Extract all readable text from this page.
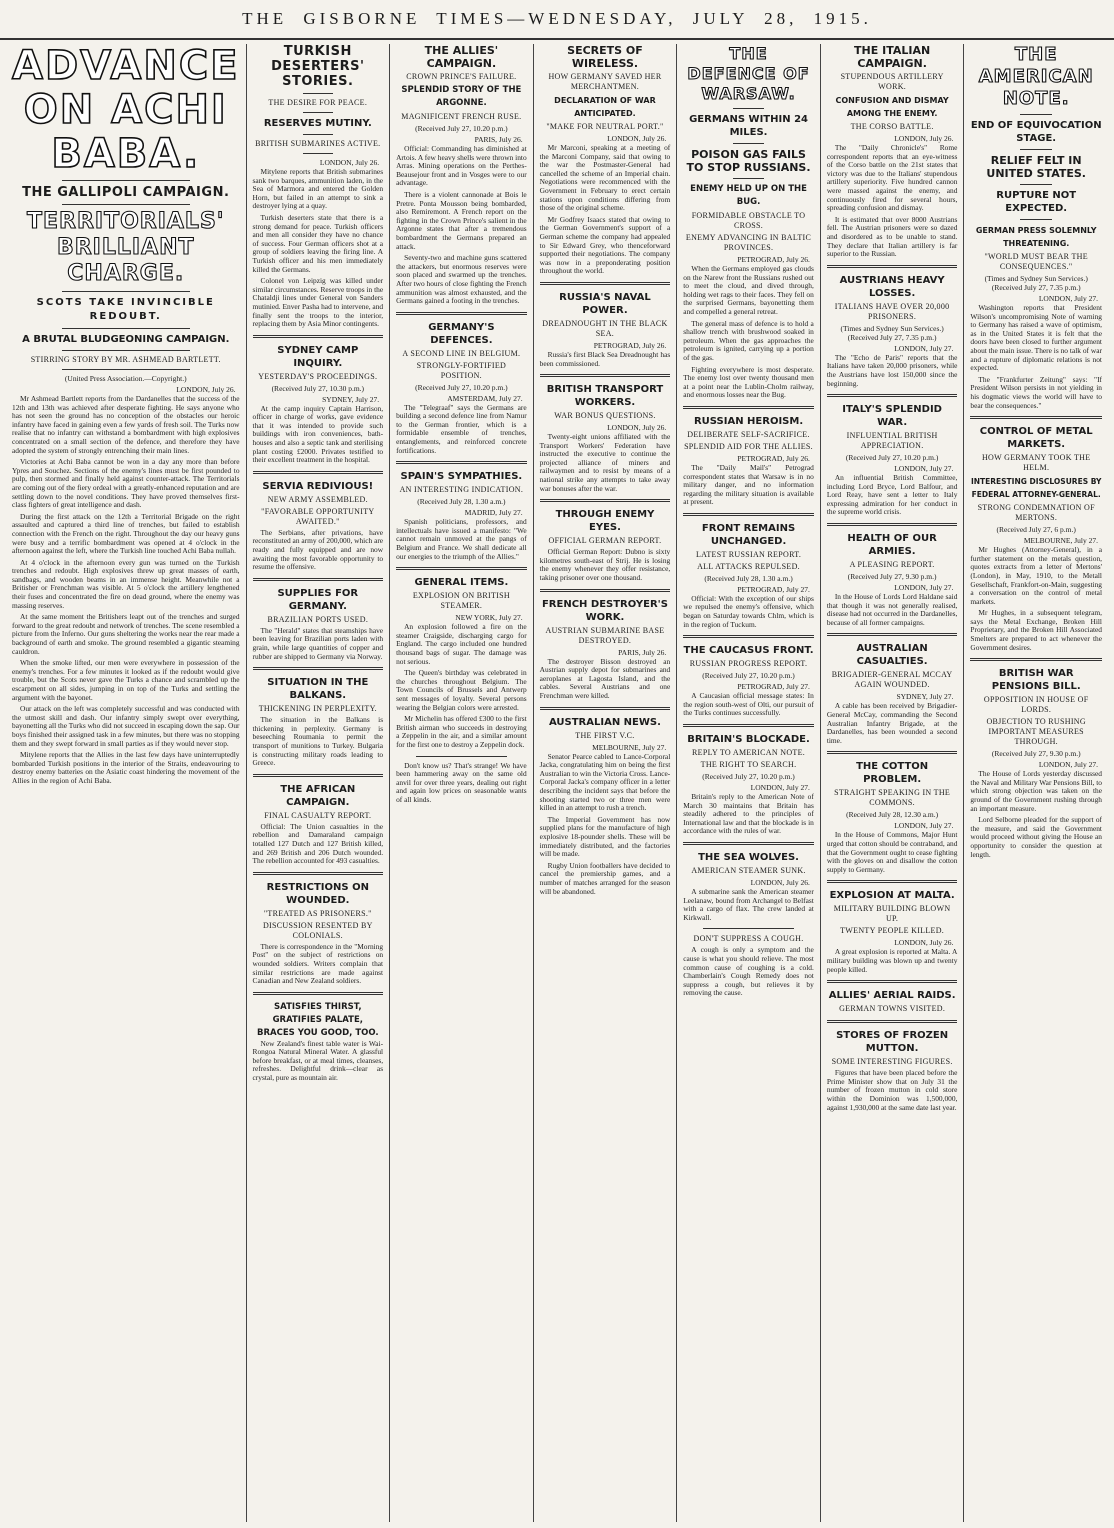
THE GISBORNE TIMES—WEDNESDAY, JULY 28, 1915.
ADVANCE ON ACHI BABA.
THE GALLIPOLI CAMPAIGN.
TERRITORIALS' BRILLIANT CHARGE.
SCOTS TAKE INVINCIBLE REDOUBT.
A BRUTAL BLUDGEONING CAMPAIGN.
STIRRING STORY BY MR. ASHMEAD BARTLETT.
(United Press Association.—Copyright.)
LONDON, July 26.

Mr Ashmead Bartlett reports from the Dardanelles that the success of the 12th and 13th was achieved after desperate fighting. He says anyone who has not seen the ground has no conception of the obstacles our heroic infantry have faced in gaining even a few yards of fresh soil. The Turks now realise that no infantry can withstand a bombardment with high explosives concentrated on a small section of the defence, and therefore they have adopted the system of strongly entrenching their main lines.

Victories at Achi Baba cannot be won in a day any more than before Ypres and Souchez. Sections of the enemy's lines must be first pounded to pulp, then stormed and finally held against counter-attack. The Territorials are coming out of the fiery ordeal with a greatly-enhanced reputation and are settling down to the novel conditions. They have proved themselves first-class fighters of great intelligence and dash.

During the first attack on the 12th a Territorial Brigade on the right assaulted and captured a third line of trenches, but failed to establish connection with the French on the right. Throughout the day our heavy guns were busy and a terrific bombardment was opened at 4 o'clock in the afternoon against the left, where the Turkish line touched Achi Baba nullah.

At 4 o'clock in the afternoon every gun was turned on the Turkish trenches and redoubt. High explosives threw up great masses of earth, sandbags, and wooden beams in an immense height. Meanwhile not a Britisher or Frenchman was visible. At 5 o'clock the artillery lengthened their fuses and concentrated the fire on dead ground, where the enemy was massing reserves.

At the same moment the Britishers leapt out of the trenches and surged forward to the great redoubt and network of trenches. The scene resembled a picture from the Inferno. Our guns sheltering the works near the rear made a background of earth and smoke. The ground resembled a gigantic steaming cauldron.

When the smoke lifted, our men were everywhere in possession of the enemy's trenches. For a few minutes it looked as if the redoubt would give trouble, but the Scots never gave the Turks a chance and scrambled up the escarpment on all sides, jumping in on top of the Turks and settling the argument with the bayonet.

Our attack on the left was completely successful and was conducted with the utmost skill and dash. Our infantry simply swept over everything, bayonetting all the Turks who did not succeed in escaping down the sap. Our boys finished their assigned task in a few minutes, but there was no stopping them and they swept forward in small parties as if they would never stop.

Mitylene reports that the Allies in the last few days have uninterruptedly bombarded Turkish positions in the interior of the Straits, endeavouring to destroy enemy batteries on the Asiatic coast hindering the movement of the Allies in the region of Achi Baba.

TURKISH DESERTERS' STORIES.
THE DESIRE FOR PEACE.
RESERVES MUTINY.
BRITISH SUBMARINES ACTIVE.
LONDON, July 26.

Mitylene reports that British submarines sank two barques, ammunition laden, in the Sea of Marmora and entered the Golden Horn, but failed in an attempt to sink a destroyer lying at a quay.

Turkish deserters state that there is a strong demand for peace. Turkish officers and men all consider they have no chance of success. Four German officers shot at a group of soldiers leaving the firing line. A Turkish officer and his men immediately killed the Germans.

Colonel von Leipzig was killed under similar circumstances. Reserve troops in the Chataldji lines under General von Sanders mutinied. Enver Pasha had to intervene, and finally sent the troops to the interior, replacing them by Asia Minor contingents.

SYDNEY CAMP INQUIRY.
YESTERDAY'S PROCEEDINGS.
(Received July 27, 10.30 p.m.)
SYDNEY, July 27.

At the camp inquiry Captain Harrison, officer in charge of works, gave evidence that it was intended to provide such buildings with iron conveniences, bath-houses and also a septic tank and sterilising plant costing £2000. Privates testified to their excellent treatment in the hospital.

SERVIA REDIVIOUS!
NEW ARMY ASSEMBLED.
"FAVORABLE OPPORTUNITY AWAITED."

The Serbians, after privations, have reconstituted an army of 200,000, which are ready and fully equipped and are now awaiting the most favorable opportunity to resume the offensive.

SUPPLIES FOR GERMANY.
BRAZILIAN PORTS USED.

The "Herald" states that steamships have been leaving for Brazilian ports laden with grain, while large quantities of copper and rubber are shipped to Germany via Norway.

SITUATION IN THE BALKANS.
THICKENING IN PERPLEXITY.

The situation in the Balkans is thickening in perplexity. Germany is beseeching Roumania to permit the transport of munitions to Turkey. Bulgaria is constructing military roads leading to Greece.

THE AFRICAN CAMPAIGN.
FINAL CASUALTY REPORT.

Official: The Union casualties in the rebellion and Damaraland campaign totalled 127 Dutch and 127 British killed, and 269 British and 206 Dutch wounded. The rebellion accounted for 493 casualties.

RESTRICTIONS ON WOUNDED.
"TREATED AS PRISONERS."
DISCUSSION RESENTED BY COLONIALS.

There is correspondence in the "Morning Post" on the subject of restrictions on wounded soldiers. Writers complain that similar restrictions are made against Canadian and New Zealand soldiers.

SATISFIES THIRST, GRATIFIES PALATE, BRACES YOU GOOD, TOO.

New Zealand's finest table water is Wai-Rongoa Natural Mineral Water. A glassful before breakfast, or at meal times, cleanses, refreshes. Delightful drink—clear as crystal, pure as mountain air.

THE ALLIES' CAMPAIGN.
CROWN PRINCE'S FAILURE.
SPLENDID STORY OF THE ARGONNE.
MAGNIFICENT FRENCH RUSE.
(Received July 27, 10.20 p.m.)
PARIS, July 26.

Official: Commanding has diminished at Artois. A few heavy shells were thrown into Arras. Mining operations on the Perthes-Beausejour front and in Vosges were to our advantage.

There is a violent cannonade at Bois le Pretre. Ponta Mousson being bombarded, also Remiremont. A French report on the fighting in the Crown Prince's salient in the Argonne states that after a tremendous bombardment the Germans prepared an attack.

Seventy-two and machine guns scattered the attackers, but enormous reserves were soon placed and swarmed up the trenches. After two hours of close fighting the French ammunition was almost exhausted, and the Germans gained a footing in the trenches.

GERMANY'S DEFENCES.
A SECOND LINE IN BELGIUM.
STRONGLY-FORTIFIED POSITION.
(Received July 27, 10.20 p.m.)
AMSTERDAM, July 27.

The "Telegraaf" says the Germans are building a second defence line from Namur to the German frontier, which is a formidable ensemble of trenches, entanglements, and reinforced concrete fortifications.

SPAIN'S SYMPATHIES.
AN INTERESTING INDICATION.
(Received July 28, 1.30 a.m.)
MADRID, July 27.

Spanish politicians, professors, and intellectuals have issued a manifesto: "We cannot remain unmoved at the pangs of Belgium and France. We shall dedicate all our energies to the triumph of the Allies."

GENERAL ITEMS.
EXPLOSION ON BRITISH STEAMER.
NEW YORK, July 27.

An explosion followed a fire on the steamer Craigside, discharging cargo for England. The cargo included one hundred thousand bags of sugar. The damage was not serious.

The Queen's birthday was celebrated in the churches throughout Belgium. The Town Councils of Brussels and Antwerp sent messages of loyalty. Several persons wearing the Belgian colors were arrested.

Mr Michelin has offered £300 to the first British airman who succeeds in destroying a Zeppelin in the air, and a similar amount for the first one to destroy a Zeppelin dock.

Don't know us? That's strange! We have been hammering away on the same old anvil for over three years, dealing out right and again low prices on seasonable wants of all kinds.

SECRETS OF WIRELESS.
HOW GERMANY SAVED HER MERCHANTMEN.
DECLARATION OF WAR ANTICIPATED.
"MAKE FOR NEUTRAL PORT."
LONDON, July 26.

Mr Marconi, speaking at a meeting of the Marconi Company, said that owing to the war the Postmaster-General had cancelled the scheme of an Imperial chain. Negotiations were recommenced with the Government in February to erect certain stations upon conditions differing from those of the original scheme.

Mr Godfrey Isaacs stated that owing to the German Government's support of a German scheme the company had appealed to Sir Edward Grey, who thenceforward supported their negotiations. The company was now in a preponderating position throughout the world.

RUSSIA'S NAVAL POWER.
DREADNOUGHT IN THE BLACK SEA.
PETROGRAD, July 26.

Russia's first Black Sea Dreadnought has been commissioned.

BRITISH TRANSPORT WORKERS.
WAR BONUS QUESTIONS.
LONDON, July 26.

Twenty-eight unions affiliated with the Transport Workers' Federation have instructed the executive to continue the projected alliance of miners and railwaymen and to resist by means of a national strike any attempts to take away war bonuses after the war.

THROUGH ENEMY EYES.
OFFICIAL GERMAN REPORT.

Official German Report: Dubno is sixty kilometres south-east of Strij. He is losing the enemy whenever they offer resistance, taking prisoner over one thousand.

FRENCH DESTROYER'S WORK.
AUSTRIAN SUBMARINE BASE DESTROYED.
PARIS, July 26.

The destroyer Bisson destroyed an Austrian supply depot for submarines and aeroplanes at Lagosta Island, and the cables. Several Austrians and one Frenchman were killed.

AUSTRALIAN NEWS.
THE FIRST V.C.
MELBOURNE, July 27.

Senator Pearce cabled to Lance-Corporal Jacka, congratulating him on being the first Australian to win the Victoria Cross. Lance-Corporal Jacka's company officer in a letter describing the incident says that before the shooting started two or three men were killed in an attempt to rush a trench.

The Imperial Government has now supplied plans for the manufacture of high explosive 18-pounder shells. These will be immediately distributed, and the factories will be made.

Rugby Union footballers have decided to cancel the premiership games, and a number of matches arranged for the season will be abandoned.

THE DEFENCE OF WARSAW.
GERMANS WITHIN 24 MILES.
POISON GAS FAILS TO STOP RUSSIANS.
ENEMY HELD UP ON THE BUG.
FORMIDABLE OBSTACLE TO CROSS.
ENEMY ADVANCING IN BALTIC PROVINCES.
PETROGRAD, July 26.

When the Germans employed gas clouds on the Narew front the Russians rushed out to meet the cloud, and dived through, holding wet rags to their faces. They fell on the surprised Germans, bayonetting them and compelled a general retreat.

The general mass of defence is to hold a shallow trench with brushwood soaked in petroleum. When the gas approaches the petroleum is ignited, carrying up a portion of the gas.

Fighting everywhere is most desperate. The enemy lost over twenty thousand men at a point near the Lublin-Cholm railway, and enormous losses near the Bug.

RUSSIAN HEROISM.
DELIBERATE SELF-SACRIFICE.
SPLENDID AID FOR THE ALLIES.
PETROGRAD, July 26.

The "Daily Mail's" Petrograd correspondent states that Warsaw is in no military danger, and no information regarding the military situation is available at present.

FRONT REMAINS UNCHANGED.
LATEST RUSSIAN REPORT.
ALL ATTACKS REPULSED.
(Received July 28, 1.30 a.m.)
PETROGRAD, July 27.

Official: With the exception of our ships we repulsed the enemy's offensive, which began on Saturday towards Chlm, which is in the region of Tuckum.

THE CAUCASUS FRONT.
RUSSIAN PROGRESS REPORT.
(Received July 27, 10.20 p.m.)
PETROGRAD, July 27.

A Caucasian official message states: In the region south-west of Olti, our pursuit of the Turks continues successfully.

BRITAIN'S BLOCKADE.
REPLY TO AMERICAN NOTE.
THE RIGHT TO SEARCH.
(Received July 27, 10.20 p.m.)
LONDON, July 27.

Britain's reply to the American Note of March 30 maintains that Britain has steadily adhered to the principles of International law and that the blockade is in accordance with the rules of war.

THE SEA WOLVES.
AMERICAN STEAMER SUNK.
LONDON, July 26.

A submarine sank the American steamer Leelanaw, bound from Archangel to Belfast with a cargo of flax. The crew landed at Kirkwall.

DON'T SUPPRESS A COUGH.

A cough is only a symptom and the cause is what you should relieve. The most common cause of coughing is a cold. Chamberlain's Cough Remedy does not suppress a cough, but relieves it by removing the cause.

THE ITALIAN CAMPAIGN.
STUPENDOUS ARTILLERY WORK.
CONFUSION AND DISMAY AMONG THE ENEMY.
THE CORSO BATTLE.
LONDON, July 26.

The "Daily Chronicle's" Rome correspondent reports that an eye-witness of the Corso battle on the 21st states that victory was due to the Italians' stupendous artillery superiority. Five hundred cannon were massed against the enemy, and continuously fired for several hours, spreading confusion and dismay.

It is estimated that over 8000 Austrians fell. The Austrian prisoners were so dazed and disordered as to be unable to stand. They declare that Italian artillery is far superior to the Russian.

AUSTRIANS HEAVY LOSSES.
ITALIANS HAVE OVER 20,000 PRISONERS.
(Times and Sydney Sun Services.) (Received July 27, 7.35 p.m.)
LONDON, July 27.

The "Echo de Paris" reports that the Italians have taken 20,000 prisoners, while the Austrians have lost 150,000 since the beginning.

ITALY'S SPLENDID WAR.
INFLUENTIAL BRITISH APPRECIATION.
(Received July 27, 10.20 p.m.)
LONDON, July 27.

An influential British Committee, including Lord Bryce, Lord Balfour, and Lord Reay, have sent a letter to Italy expressing admiration for her conduct in the supreme world crisis.

HEALTH OF OUR ARMIES.
A PLEASING REPORT.
(Received July 27, 9.30 p.m.)
LONDON, July 27.

In the House of Lords Lord Haldane said that though it was not generally realised, disease had not occurred in the Dardanelles, because of all former campaigns.

AUSTRALIAN CASUALTIES.
BRIGADIER-GENERAL MCCAY AGAIN WOUNDED.
SYDNEY, July 27.

A cable has been received by Brigadier-General McCay, commanding the Second Australian Infantry Brigade, at the Dardanelles, has been wounded a second time.

THE COTTON PROBLEM.
STRAIGHT SPEAKING IN THE COMMONS.
(Received July 28, 12.30 a.m.)
LONDON, July 27.

In the House of Commons, Major Hunt urged that cotton should be contraband, and that the Government ought to cease fighting with the gloves on and disallow the cotton supply to Germany.

EXPLOSION AT MALTA.
MILITARY BUILDING BLOWN UP.
TWENTY PEOPLE KILLED.
LONDON, July 26.

A great explosion is reported at Malta. A military building was blown up and twenty people killed.

ALLIES' AERIAL RAIDS.
GERMAN TOWNS VISITED.
STORES OF FROZEN MUTTON.
SOME INTERESTING FIGURES.

Figures that have been placed before the Prime Minister show that on July 31 the number of frozen mutton in cold store within the Dominion was 1,500,000, against 1,930,000 at the same date last year.

THE AMERICAN NOTE.
END OF EQUIVOCATION STAGE.
RELIEF FELT IN UNITED STATES.
RUPTURE NOT EXPECTED.
GERMAN PRESS SOLEMNLY THREATENING.
"WORLD MUST BEAR THE CONSEQUENCES."
(Times and Sydney Sun Services.) (Received July 27, 7.35 p.m.)
LONDON, July 27.

Washington reports that President Wilson's uncompromising Note of warning to Germany has raised a wave of optimism, as in the United States it is felt that the doors have been closed to further argument about the main issue. There is no talk of war and a rupture of diplomatic relations is not expected.

The "Frankfurter Zeitung" says: "If President Wilson persists in not yielding in his dogmatic views the world will have to bear the consequences."

CONTROL OF METAL MARKETS.
HOW GERMANY TOOK THE HELM.
INTERESTING DISCLOSURES BY FEDERAL ATTORNEY-GENERAL.
STRONG CONDEMNATION OF MERTONS.
(Received July 27, 6 p.m.)
MELBOURNE, July 27.

Mr Hughes (Attorney-General), in a further statement on the metals question, quotes extracts from a letter of Mertons' (London), in May, 1910, to the Metall Gesellschaft, Frankfort-on-Main, suggesting a conversation on the control of metal markets.

Mr Hughes, in a subsequent telegram, says the Metal Exchange, Broken Hill Proprietary, and the Broken Hill Associated Smelters are prepared to act whenever the Government desires.

BRITISH WAR PENSIONS BILL.
OPPOSITION IN HOUSE OF LORDS.
OBJECTION TO RUSHING IMPORTANT MEASURES THROUGH.
(Received July 27, 9.30 p.m.)
LONDON, July 27.

The House of Lords yesterday discussed the Naval and Military War Pensions Bill, to which strong objection was taken on the ground of the Government rushing through an important measure.

Lord Selborne pleaded for the support of the measure, and said the Government would proceed without giving the House an opportunity to consider the question at length.
